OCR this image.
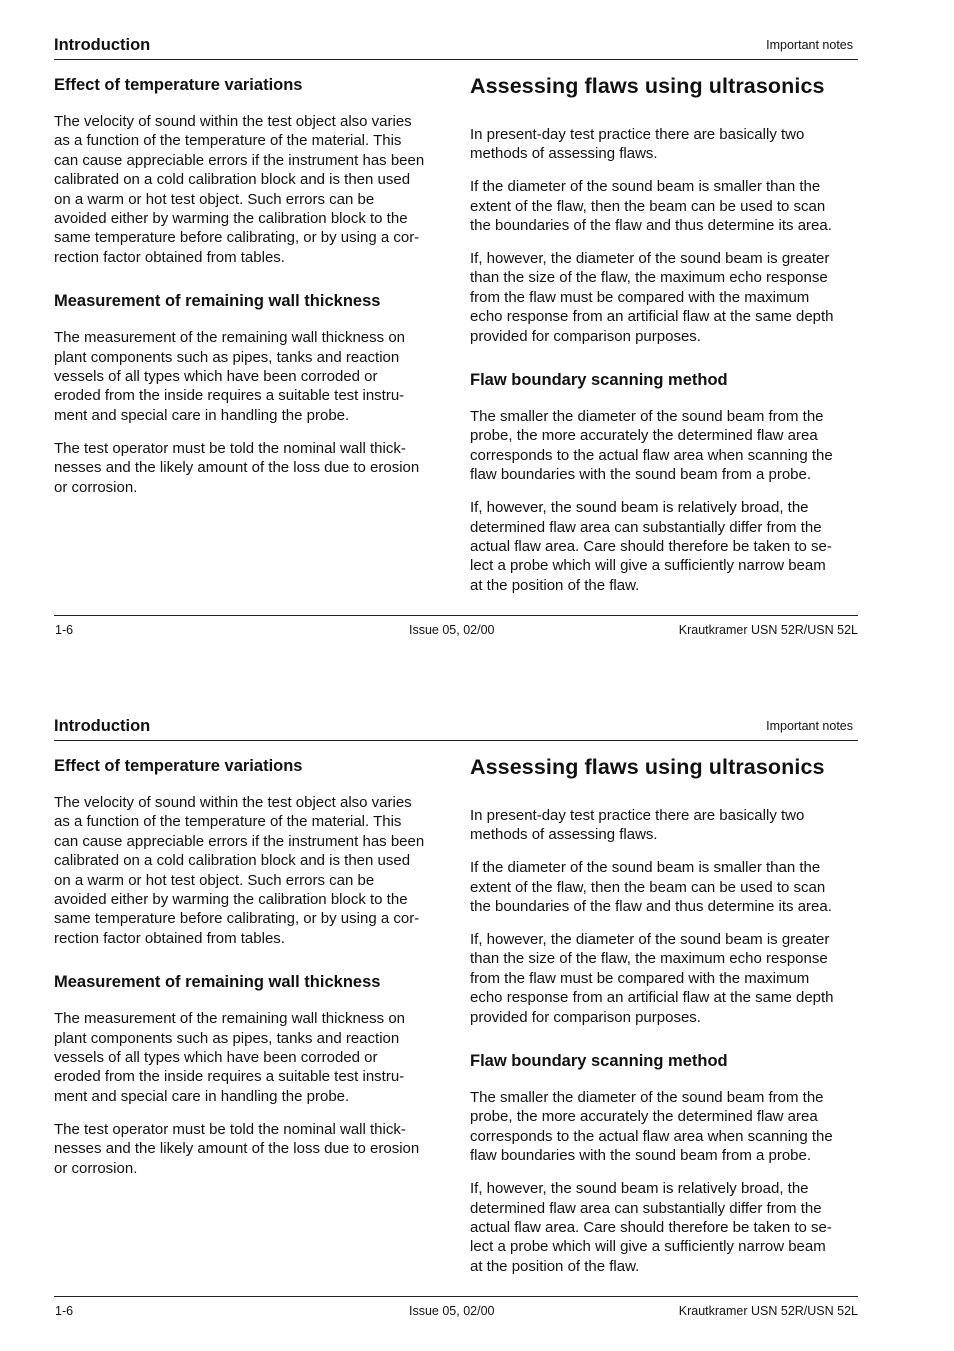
Introduction	Important notes
Effect of temperature variations

The velocity of sound within the test object also varies
as a function of the temperature of the material. This
can cause appreciable errors if the instrument has been
calibrated on a cold calibration block and is then used
on a warm or hot test object. Such errors can be
avoided either by warming the calibration block to the
same temperature before calibrating, or by using a cor-
rection factor obtained from tables.

Measurement of remaining wall thickness

The measurement of the remaining wall thickness on
plant components such as pipes, tanks and reaction
vessels of all types which have been corroded or
eroded from the inside requires a suitable test instru-
ment and special care in handling the probe.

The test operator must be told the nominal wall thick-
nesses and the likely amount of the loss due to erosion
or corrosion.

Assessing flaws using ultrasonics

In present-day test practice there are basically two
methods of assessing flaws.

If the diameter of the sound beam is smaller than the
extent of the flaw, then the beam can be used to scan
the boundaries of the flaw and thus determine its area.

If, however, the diameter of the sound beam is greater
than the size of the flaw, the maximum echo response
from the flaw must be compared with the maximum
echo response from an artificial flaw at the same depth
provided for comparison purposes.

Flaw boundary scanning method

The smaller the diameter of the sound beam from the
probe, the more accurately the determined flaw area
corresponds to the actual flaw area when scanning the
flaw boundaries with the sound beam from a probe.

If, however, the sound beam is relatively broad, the
determined flaw area can substantially differ from the
actual flaw area. Care should therefore be taken to se-
lect a probe which will give a sufficiently narrow beam
at the position of the flaw.

1-6	Issue 05, 02/00	Krautkramer USN 52R/USN 52L
Introduction	Important notes
Effect of temperature variations

The velocity of sound within the test object also varies
as a function of the temperature of the material. This
can cause appreciable errors if the instrument has been
calibrated on a cold calibration block and is then used
on a warm or hot test object. Such errors can be
avoided either by warming the calibration block to the
same temperature before calibrating, or by using a cor-
rection factor obtained from tables.

Measurement of remaining wall thickness

The measurement of the remaining wall thickness on
plant components such as pipes, tanks and reaction
vessels of all types which have been corroded or
eroded from the inside requires a suitable test instru-
ment and special care in handling the probe.

The test operator must be told the nominal wall thick-
nesses and the likely amount of the loss due to erosion
or corrosion.

Assessing flaws using ultrasonics

In present-day test practice there are basically two
methods of assessing flaws.

If the diameter of the sound beam is smaller than the
extent of the flaw, then the beam can be used to scan
the boundaries of the flaw and thus determine its area.

If, however, the diameter of the sound beam is greater
than the size of the flaw, the maximum echo response
from the flaw must be compared with the maximum
echo response from an artificial flaw at the same depth
provided for comparison purposes.

Flaw boundary scanning method

The smaller the diameter of the sound beam from the
probe, the more accurately the determined flaw area
corresponds to the actual flaw area when scanning the
flaw boundaries with the sound beam from a probe.

If, however, the sound beam is relatively broad, the
determined flaw area can substantially differ from the
actual flaw area. Care should therefore be taken to se-
lect a probe which will give a sufficiently narrow beam
at the position of the flaw.

1-6	Issue 05, 02/00	Krautkramer USN 52R/USN 52L
